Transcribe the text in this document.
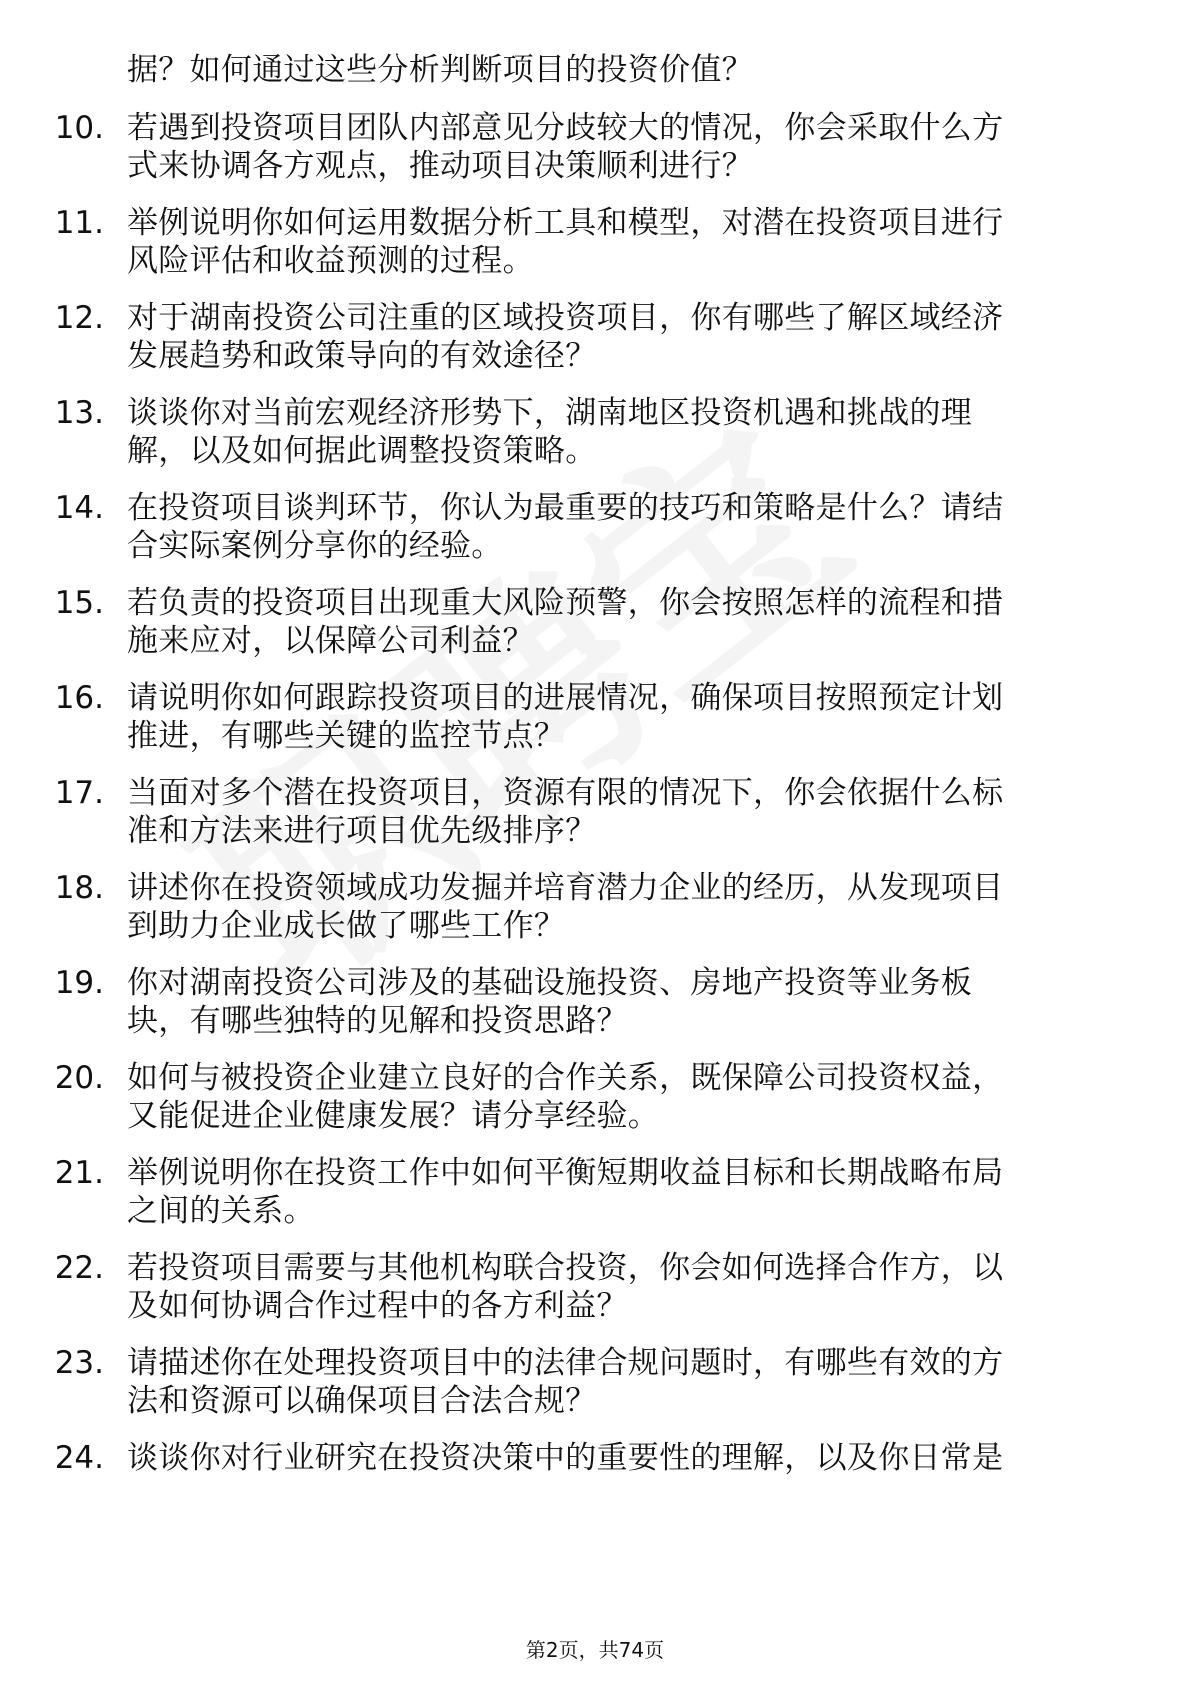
据？如何通过这些分析判断项目的投资价值？
10. 若遇到投资项目团队内部意见分歧较大的情况，你会采取什么方
式来协调各方观点，推动项目决策顺利进行？
11. 举例说明你如何运用数据分析工具和模型，对潜在投资项目进行
风险评估和收益预测的过程。
12. 对于湖南投资公司注重的区域投资项目，你有哪些了解区域经济
发展趋势和政策导向的有效途径？
13. 谈谈你对当前宏观经济形势下，湖南地区投资机遇和挑战的理
解，以及如何据此调整投资策略。
14. 在投资项目谈判环节，你认为最重要的技巧和策略是什么？请结
合实际案例分享你的经验。
15. 若负责的投资项目出现重大风险预警，你会按照怎样的流程和措
施来应对，以保障公司利益？
16. 请说明你如何跟踪投资项目的进展情况，确保项目按照预定计划
推进，有哪些关键的监控节点？
17. 当面对多个潜在投资项目，资源有限的情况下，你会依据什么标
准和方法来进行项目优先级排序？
18. 讲述你在投资领域成功发掘并培育潜力企业的经历，从发现项目
到助力企业成长做了哪些工作？
19. 你对湖南投资公司涉及的基础设施投资、房地产投资等业务板
块，有哪些独特的见解和投资思路？
20. 如何与被投资企业建立良好的合作关系，既保障公司投资权益，
又能促进企业健康发展？请分享经验。
21. 举例说明你在投资工作中如何平衡短期收益目标和长期战略布局
之间的关系。
22. 若投资项目需要与其他机构联合投资，你会如何选择合作方，以
及如何协调合作过程中的各方利益？
23. 请描述你在处理投资项目中的法律合规问题时，有哪些有效的方
法和资源可以确保项目合法合规？
24. 谈谈你对行业研究在投资决策中的重要性的理解，以及你日常是
第2页，共74页
